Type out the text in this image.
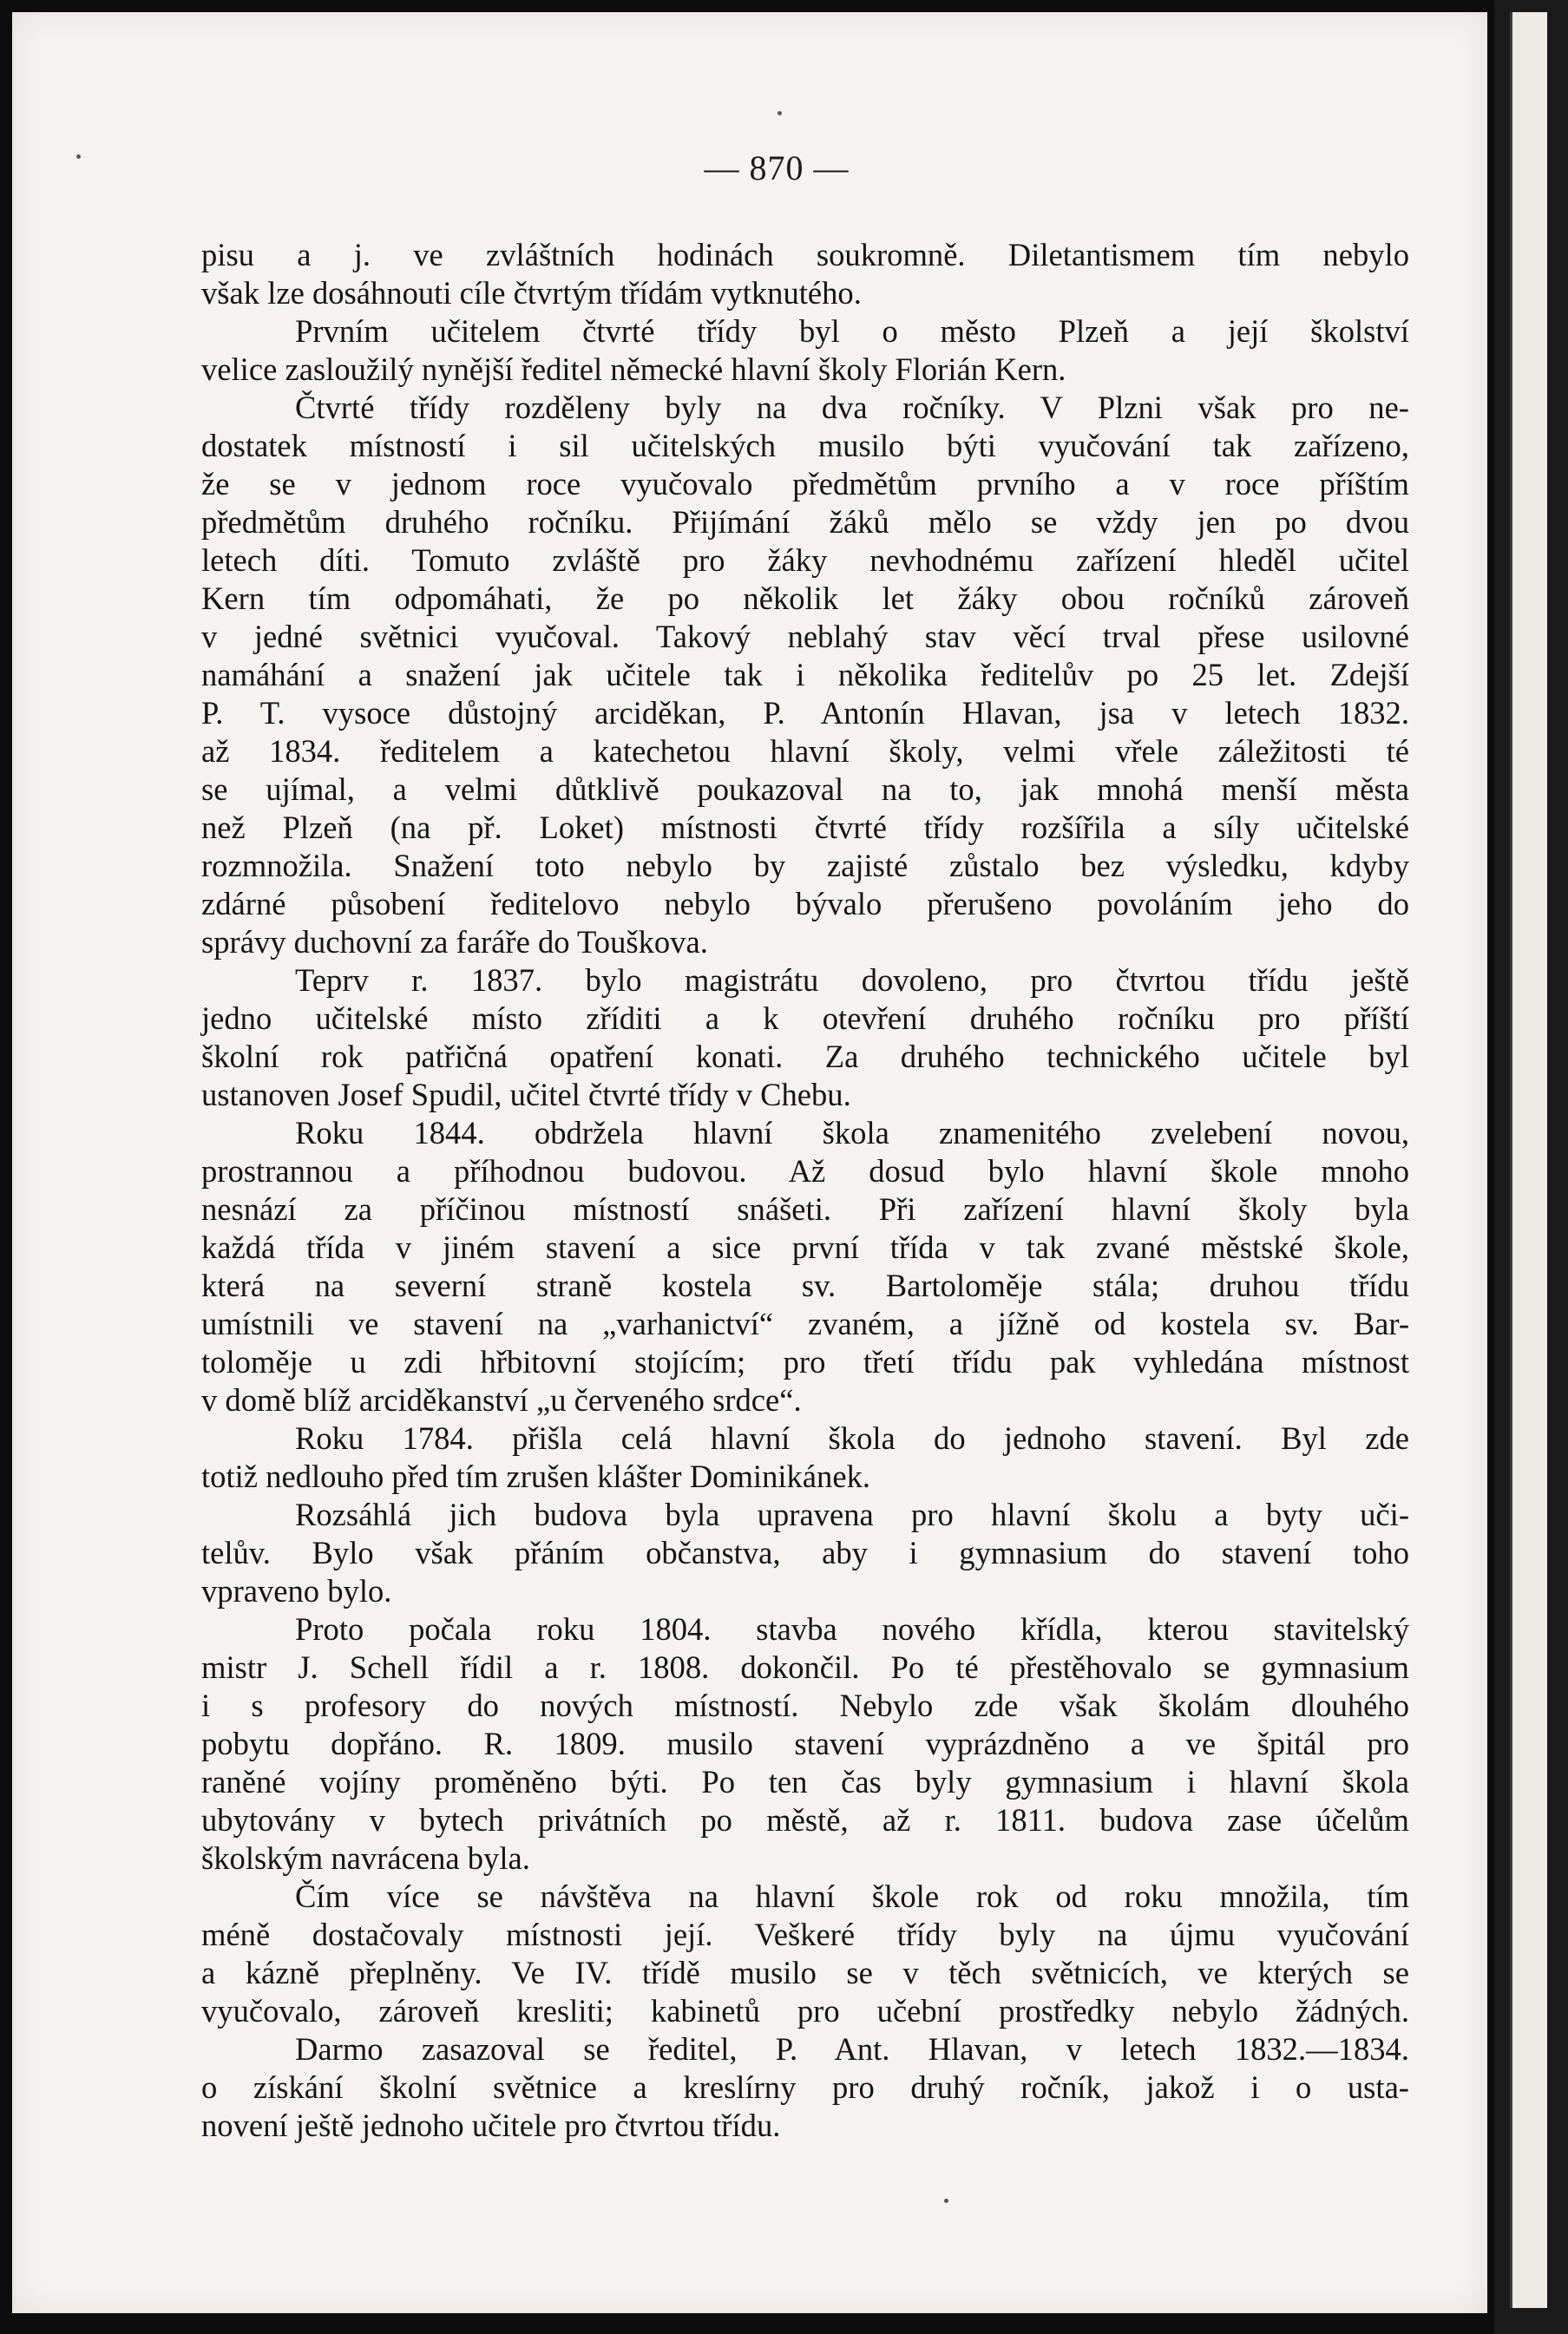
— 870 —
pisu a j. ve zvláštních hodinách soukromně. Diletantismem tím nebylo
však lze dosáhnouti cíle čtvrtým třídám vytknutého.
Prvním učitelem čtvrté třídy byl o město Plzeň a její školství
velice zasloužilý nynější ředitel německé hlavní školy Florián Kern.
Čtvrté třídy rozděleny byly na dva ročníky. V Plzni však pro ne-
dostatek místností i sil učitelských musilo býti vyučování tak zařízeno,
že se v jednom roce vyučovalo předmětům prvního a v roce příštím
předmětům druhého ročníku. Přijímání žáků mělo se vždy jen po dvou
letech díti. Tomuto zvláště pro žáky nevhodnému zařízení hleděl učitel
Kern tím odpomáhati, že po několik let žáky obou ročníků zároveň
v jedné světnici vyučoval. Takový neblahý stav věcí trval přese usilovné
namáhání a snažení jak učitele tak i několika ředitelův po 25 let. Zdejší
P. T. vysoce důstojný arciděkan, P. Antonín Hlavan, jsa v letech 1832.
až 1834. ředitelem a katechetou hlavní školy, velmi vřele záležitosti té
se ujímal, a velmi důtklivě poukazoval na to, jak mnohá menší města
než Plzeň (na př. Loket) místnosti čtvrté třídy rozšířila a síly učitelské
rozmnožila. Snažení toto nebylo by zajisté zůstalo bez výsledku, kdyby
zdárné působení ředitelovo nebylo bývalo přerušeno povoláním jeho do
správy duchovní za faráře do Touškova.
Teprv r. 1837. bylo magistrátu dovoleno, pro čtvrtou třídu ještě
jedno učitelské místo zříditi a k otevření druhého ročníku pro příští
školní rok patřičná opatření konati. Za druhého technického učitele byl
ustanoven Josef Spudil, učitel čtvrté třídy v Chebu.
Roku 1844. obdržela hlavní škola znamenitého zvelebení novou,
prostrannou a příhodnou budovou. Až dosud bylo hlavní škole mnoho
nesnází za příčinou místností snášeti. Při zařízení hlavní školy byla
každá třída v jiném stavení a sice první třída v tak zvané městské škole,
která na severní straně kostela sv. Bartoloměje stála; druhou třídu
umístnili ve stavení na „varhanictví“ zvaném, a jížně od kostela sv. Bar-
toloměje u zdi hřbitovní stojícím; pro třetí třídu pak vyhledána místnost
v domě blíž arciděkanství „u červeného srdce“.
Roku 1784. přišla celá hlavní škola do jednoho stavení. Byl zde
totiž nedlouho před tím zrušen klášter Dominikánek.
Rozsáhlá jich budova byla upravena pro hlavní školu a byty uči-
telův. Bylo však přáním občanstva, aby i gymnasium do stavení toho
vpraveno bylo.
Proto počala roku 1804. stavba nového křídla, kterou stavitelský
mistr J. Schell řídil a r. 1808. dokončil. Po té přestěhovalo se gymnasium
i s profesory do nových místností. Nebylo zde však školám dlouhého
pobytu dopřáno. R. 1809. musilo stavení vyprázdněno a ve špitál pro
raněné vojíny proměněno býti. Po ten čas byly gymnasium i hlavní škola
ubytovány v bytech privátních po městě, až r. 1811. budova zase účelům
školským navrácena byla.
Čím více se návštěva na hlavní škole rok od roku množila, tím
méně dostačovaly místnosti její. Veškeré třídy byly na újmu vyučování
a kázně přeplněny. Ve IV. třídě musilo se v těch světnicích, ve kterých se
vyučovalo, zároveň kresliti; kabinetů pro učební prostředky nebylo žádných.
Darmo zasazoval se ředitel, P. Ant. Hlavan, v letech 1832.—1834.
o získání školní světnice a kreslírny pro druhý ročník, jakož i o usta-
novení ještě jednoho učitele pro čtvrtou třídu.
